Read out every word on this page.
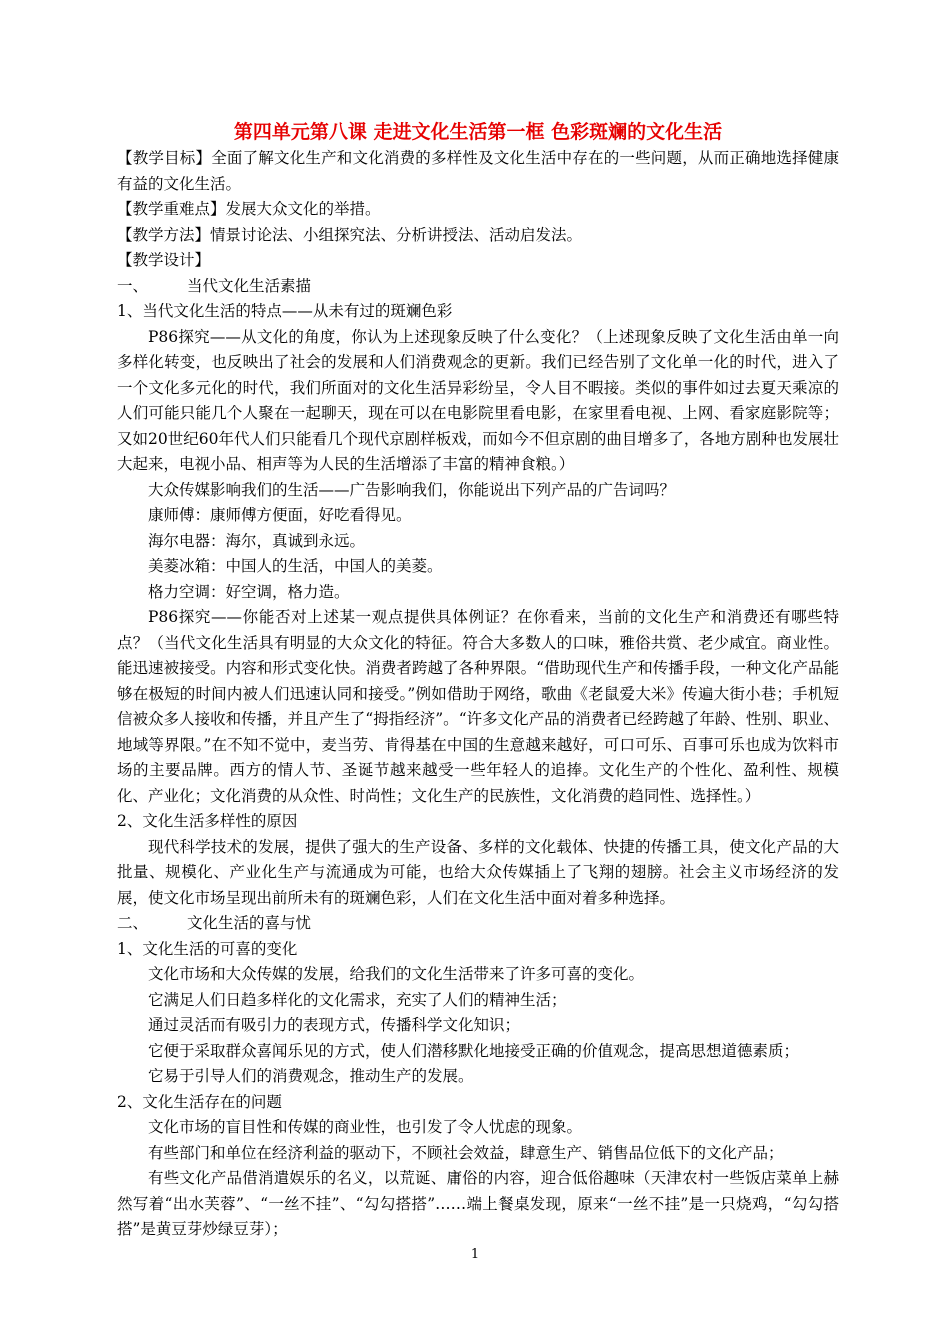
第四单元第八课 走进文化生活第一框 色彩斑斓的文化生活

【教学目标】全面了解文化生产和文化消费的多样性及文化生活中存在的一些问题，从而正确地选择健康有益的文化生活。

【教学重难点】发展大众文化的举措。

【教学方法】情景讨论法、小组探究法、分析讲授法、活动启发法。

【教学设计】

一、	当代文化生活素描

1、当代文化生活的特点——从未有过的斑斓色彩

P86探究——从文化的角度，你认为上述现象反映了什么变化？（上述现象反映了文化生活由单一向多样化转变，也反映出了社会的发展和人们消费观念的更新。我们已经告别了文化单一化的时代，进入了一个文化多元化的时代，我们所面对的文化生活异彩纷呈，令人目不暇接。类似的事件如过去夏天乘凉的人们可能只能几个人聚在一起聊天，现在可以在电影院里看电影，在家里看电视、上网、看家庭影院等；又如20世纪60年代人们只能看几个现代京剧样板戏，而如今不但京剧的曲目增多了，各地方剧种也发展壮大起来，电视小品、相声等为人民的生活增添了丰富的精神食粮。）

大众传媒影响我们的生活——广告影响我们，你能说出下列产品的广告词吗？

康师傅：康师傅方便面，好吃看得见。

海尔电器：海尔，真诚到永远。

美菱冰箱：中国人的生活，中国人的美菱。

格力空调：好空调，格力造。

P86探究——你能否对上述某一观点提供具体例证？在你看来，当前的文化生产和消费还有哪些特点？（当代文化生活具有明显的大众文化的特征。符合大多数人的口味，雅俗共赏、老少咸宜。商业性。能迅速被接受。内容和形式变化快。消费者跨越了各种界限。“借助现代生产和传播手段，一种文化产品能够在极短的时间内被人们迅速认同和接受。”例如借助于网络，歌曲《老鼠爱大米》传遍大街小巷；手机短信被众多人接收和传播，并且产生了“拇指经济”。“许多文化产品的消费者已经跨越了年龄、性别、职业、地域等界限。”在不知不觉中，麦当劳、肯得基在中国的生意越来越好，可口可乐、百事可乐也成为饮料市场的主要品牌。西方的情人节、圣诞节越来越受一些年轻人的追捧。文化生产的个性化、盈利性、规模化、产业化；文化消费的从众性、时尚性；文化生产的民族性，文化消费的趋同性、选择性。）

2、文化生活多样性的原因

现代科学技术的发展，提供了强大的生产设备、多样的文化载体、快捷的传播工具，使文化产品的大批量、规模化、产业化生产与流通成为可能，也给大众传媒插上了飞翔的翅膀。社会主义市场经济的发展，使文化市场呈现出前所未有的斑斓色彩，人们在文化生活中面对着多种选择。

二、	文化生活的喜与忧

1、文化生活的可喜的变化

文化市场和大众传媒的发展，给我们的文化生活带来了许多可喜的变化。

它满足人们日趋多样化的文化需求，充实了人们的精神生活；

通过灵活而有吸引力的表现方式，传播科学文化知识；

它便于采取群众喜闻乐见的方式，使人们潜移默化地接受正确的价值观念，提高思想道德素质；

它易于引导人们的消费观念，推动生产的发展。

2、文化生活存在的问题

文化市场的盲目性和传媒的商业性，也引发了令人忧虑的现象。

有些部门和单位在经济利益的驱动下，不顾社会效益，肆意生产、销售品位低下的文化产品；

有些文化产品借消遣娱乐的名义，以荒诞、庸俗的内容，迎合低俗趣味（天津农村一些饭店菜单上赫然写着“出水芙蓉”、“一丝不挂”、“勾勾搭搭”……端上餐桌发现，原来“一丝不挂”是一只烧鸡，“勾勾搭搭”是黄豆芽炒绿豆芽）；

1
